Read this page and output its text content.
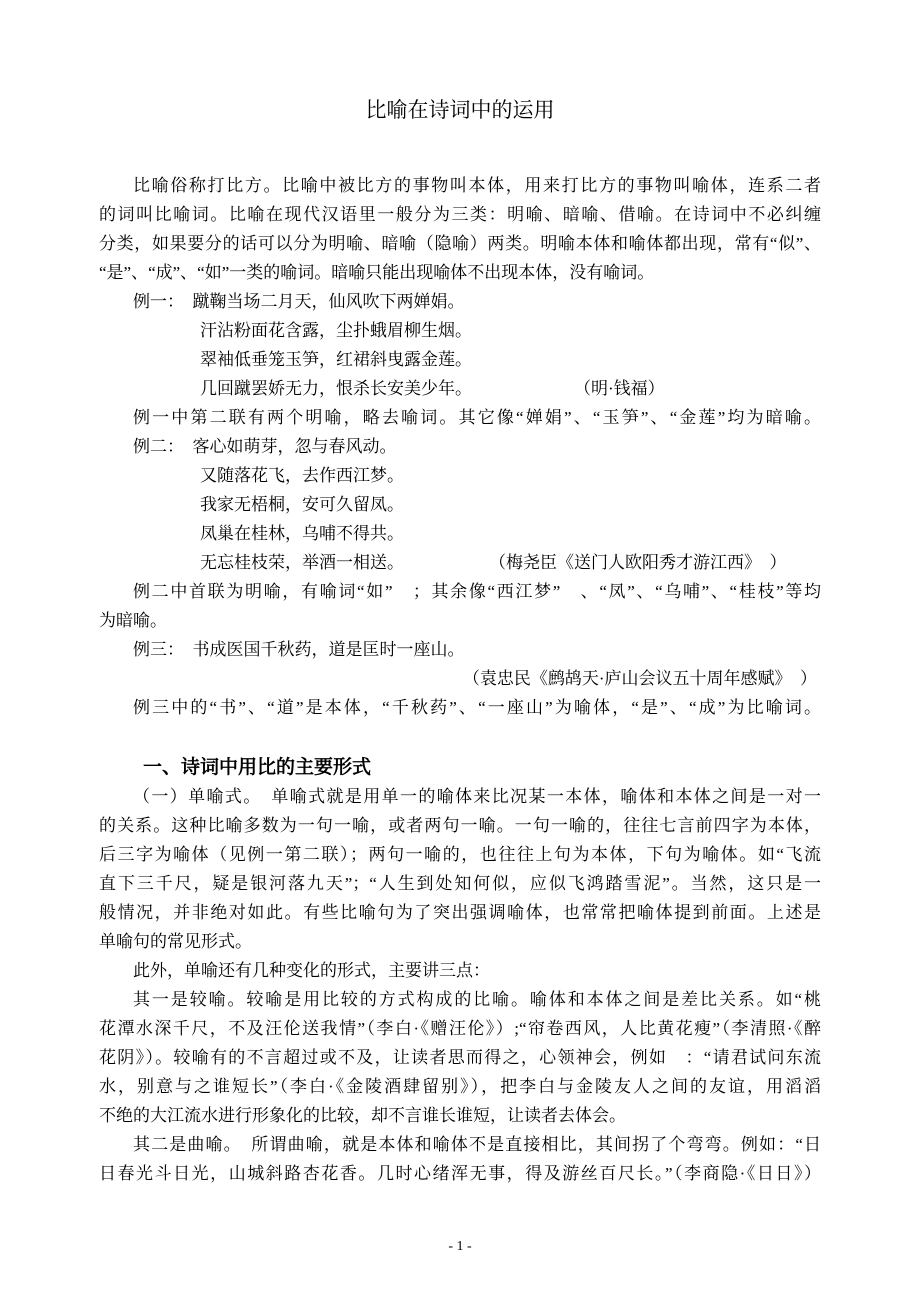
比喻在诗词中的运用
比喻俗称打比方。比喻中被比方的事物叫本体，用来打比方的事物叫喻体，连系二者
的词叫比喻词。比喻在现代汉语里一般分为三类：明喻、暗喻、借喻。在诗词中不必纠缠
分类，如果要分的话可以分为明喻、暗喻（隐喻）两类。明喻本体和喻体都出现，常有“似”、
“是”、“成”、“如”一类的喻词。暗喻只能出现喻体不出现本体，没有喻词。
例一：　蹴鞠当场二月天，仙风吹下两婵娟。
汗沾粉面花含露，尘扑蛾眉柳生烟。
翠袖低垂笼玉笋，红裙斜曳露金莲。
几回蹴罢娇无力，恨杀长安美少年。　　　　　　　（明·钱福）
例一中第二联有两个明喻，略去喻词。其它像“婵娟”、“玉笋”、“金莲”均为暗喻。
例二：　客心如萌芽，忽与春风动。
又随落花飞，去作西江梦。
我家无梧桐，安可久留凤。
凤巢在桂林，乌哺不得共。
无忘桂枝荣，举酒一相送。　　　　　　（梅尧臣《送门人欧阳秀才游江西》　）
例二中首联为明喻，有喻词“如”　；其余像“西江梦”　、“凤”、“乌哺”、“桂枝”等均
为暗喻。
例三：　书成医国千秋药，道是匡时一座山。
（袁忠民《鹧鸪天·庐山会议五十周年感赋》　）
例三中的“书”、“道”是本体，“千秋药”、“一座山”为喻体，“是”、“成”为比喻词。
一、诗词中用比的主要形式
（一）单喻式。　单喻式就是用单一的喻体来比况某一本体，喻体和本体之间是一对一
的关系。这种比喻多数为一句一喻，或者两句一喻。一句一喻的，往往七言前四字为本体，
后三字为喻体（见例一第二联）；两句一喻的，也往往上句为本体，下句为喻体。如“飞流
直下三千尺，疑是银河落九天”；“人生到处知何似，应似飞鸿踏雪泥”。当然，这只是一
般情况，并非绝对如此。有些比喻句为了突出强调喻体，也常常把喻体提到前面。上述是
单喻句的常见形式。
此外，单喻还有几种变化的形式，主要讲三点：
其一是较喻。较喻是用比较的方式构成的比喻。喻体和本体之间是差比关系。如“桃
花潭水深千尺，不及汪伦送我情”（李白·《赠汪伦》）;“帘卷西风，人比黄花瘦”（李清照·《醉
花阴》）。较喻有的不言超过或不及，让读者思而得之，心领神会，例如　：“请君试问东流
水，别意与之谁短长”（李白·《金陵酒肆留别》），把李白与金陵友人之间的友谊，用滔滔
不绝的大江流水进行形象化的比较，却不言谁长谁短，让读者去体会。
其二是曲喻。　所谓曲喻，就是本体和喻体不是直接相比，其间拐了个弯弯。例如：“日
日春光斗日光，山城斜路杏花香。几时心绪浑无事，得及游丝百尺长。”（李商隐·《日日》）
- 1 -
